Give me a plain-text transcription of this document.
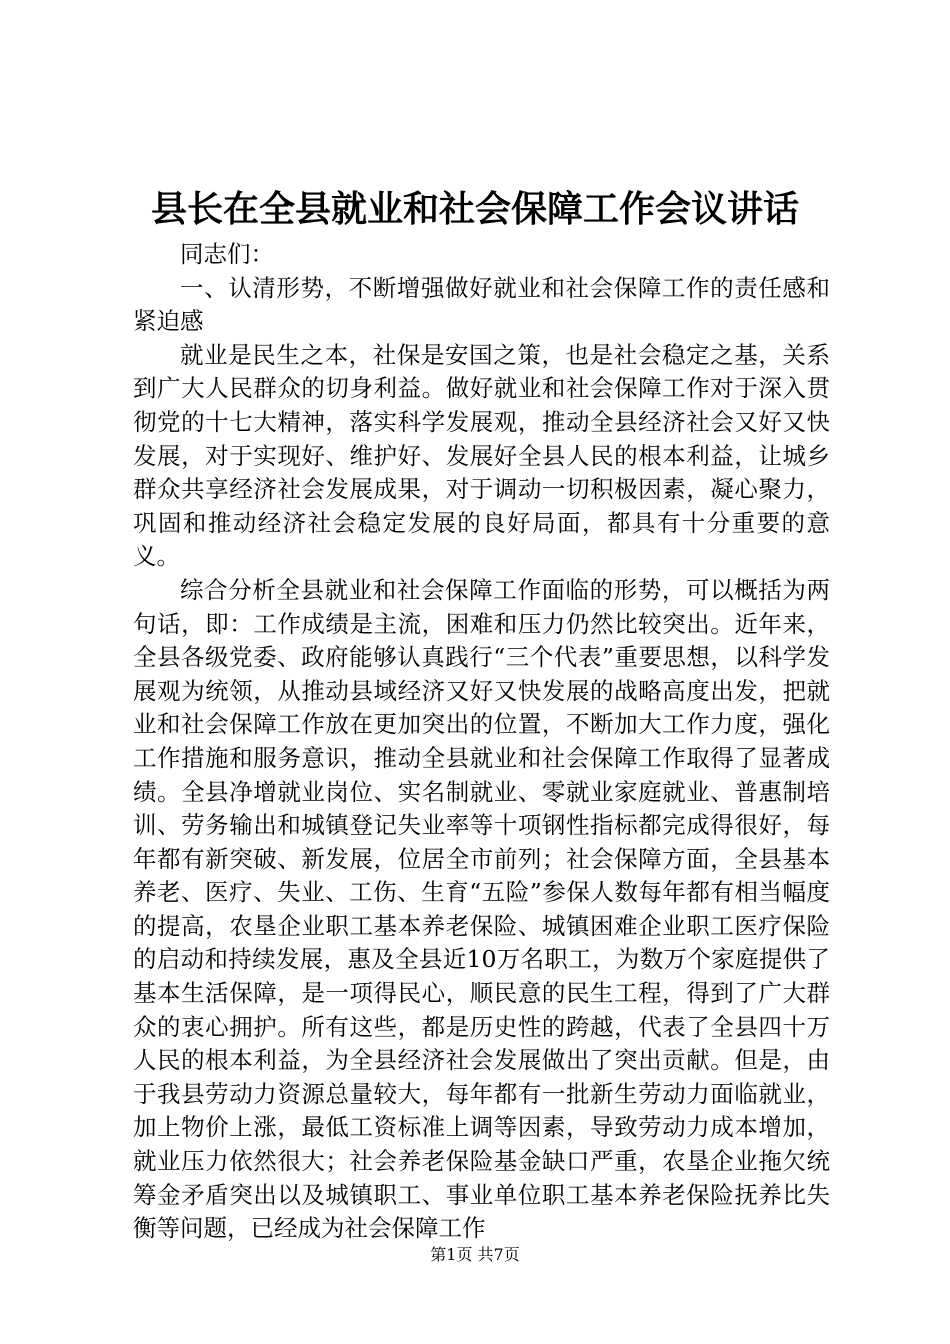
县长在全县就业和社会保障工作会议讲话

同志们：

一、认清形势，不断增强做好就业和社会保障工作的责任感和紧迫感

就业是民生之本，社保是安国之策，也是社会稳定之基，关系到广大人民群众的切身利益。做好就业和社会保障工作对于深入贯彻党的十七大精神，落实科学发展观，推动全县经济社会又好又快发展，对于实现好、维护好、发展好全县人民的根本利益，让城乡群众共享经济社会发展成果，对于调动一切积极因素，凝心聚力，巩固和推动经济社会稳定发展的良好局面，都具有十分重要的意义。

综合分析全县就业和社会保障工作面临的形势，可以概括为两句话，即：工作成绩是主流，困难和压力仍然比较突出。近年来，全县各级党委、政府能够认真践行“三个代表”重要思想，以科学发展观为统领，从推动县域经济又好又快发展的战略高度出发，把就业和社会保障工作放在更加突出的位置，不断加大工作力度，强化工作措施和服务意识，推动全县就业和社会保障工作取得了显著成绩。全县净增就业岗位、实名制就业、零就业家庭就业、普惠制培训、劳务输出和城镇登记失业率等十项钢性指标都完成得很好，每年都有新突破、新发展，位居全市前列；社会保障方面，全县基本养老、医疗、失业、工伤、生育“五险”参保人数每年都有相当幅度的提高，农垦企业职工基本养老保险、城镇困难企业职工医疗保险的启动和持续发展，惠及全县近10万名职工，为数万个家庭提供了基本生活保障，是一项得民心，顺民意的民生工程，得到了广大群众的衷心拥护。所有这些，都是历史性的跨越，代表了全县四十万人民的根本利益，为全县经济社会发展做出了突出贡献。但是，由于我县劳动力资源总量较大，每年都有一批新生劳动力面临就业，加上物价上涨，最低工资标准上调等因素，导致劳动力成本增加，就业压力依然很大；社会养老保险基金缺口严重，农垦企业拖欠统筹金矛盾突出以及城镇职工、事业单位职工基本养老保险抚养比失衡等问题，已经成为社会保障工作

第1页 共7页
